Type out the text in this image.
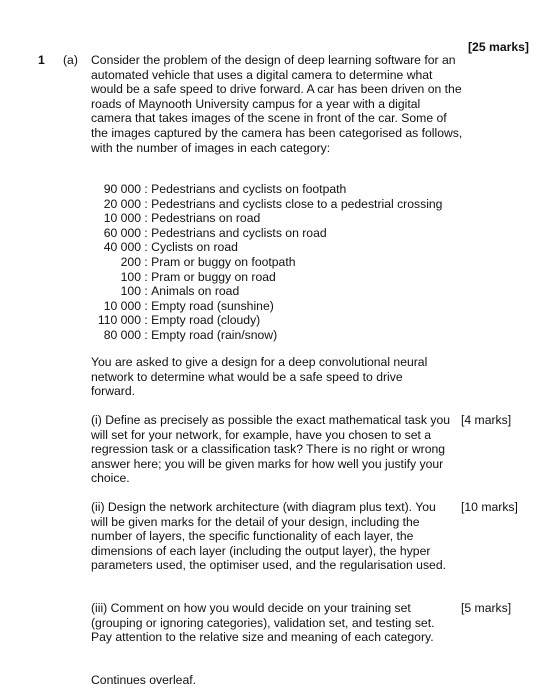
[25 marks]
1 (a) Consider the problem of the design of deep learning software for an automated vehicle that uses a digital camera to determine what would be a safe speed to drive forward. A car has been driven on the roads of Maynooth University campus for a year with a digital camera that takes images of the scene in front of the car. Some of the images captured by the camera has been categorised as follows, with the number of images in each category:
90 000 : Pedestrians and cyclists on footpath
20 000 : Pedestrians and cyclists close to a pedestrial crossing
10 000 : Pedestrians on road
60 000 : Pedestrians and cyclists on road
40 000 : Cyclists on road
200 : Pram or buggy on footpath
100 : Pram or buggy on road
100 : Animals on road
10 000 : Empty road (sunshine)
110 000 : Empty road (cloudy)
80 000 : Empty road (rain/snow)
You are asked to give a design for a deep convolutional neural network to determine what would be a safe speed to drive forward.
(i) Define as precisely as possible the exact mathematical task you will set for your network, for example, have you chosen to set a regression task or a classification task? There is no right or wrong answer here; you will be given marks for how well you justify your choice.
[4 marks]
(ii) Design the network architecture (with diagram plus text). You will be given marks for the detail of your design, including the number of layers, the specific functionality of each layer, the dimensions of each layer (including the output layer), the hyper parameters used, the optimiser used, and the regularisation used.
[10 marks]
(iii) Comment on how you would decide on your training set (grouping or ignoring categories), validation set, and testing set. Pay attention to the relative size and meaning of each category.
[5 marks]
Continues overleaf.
